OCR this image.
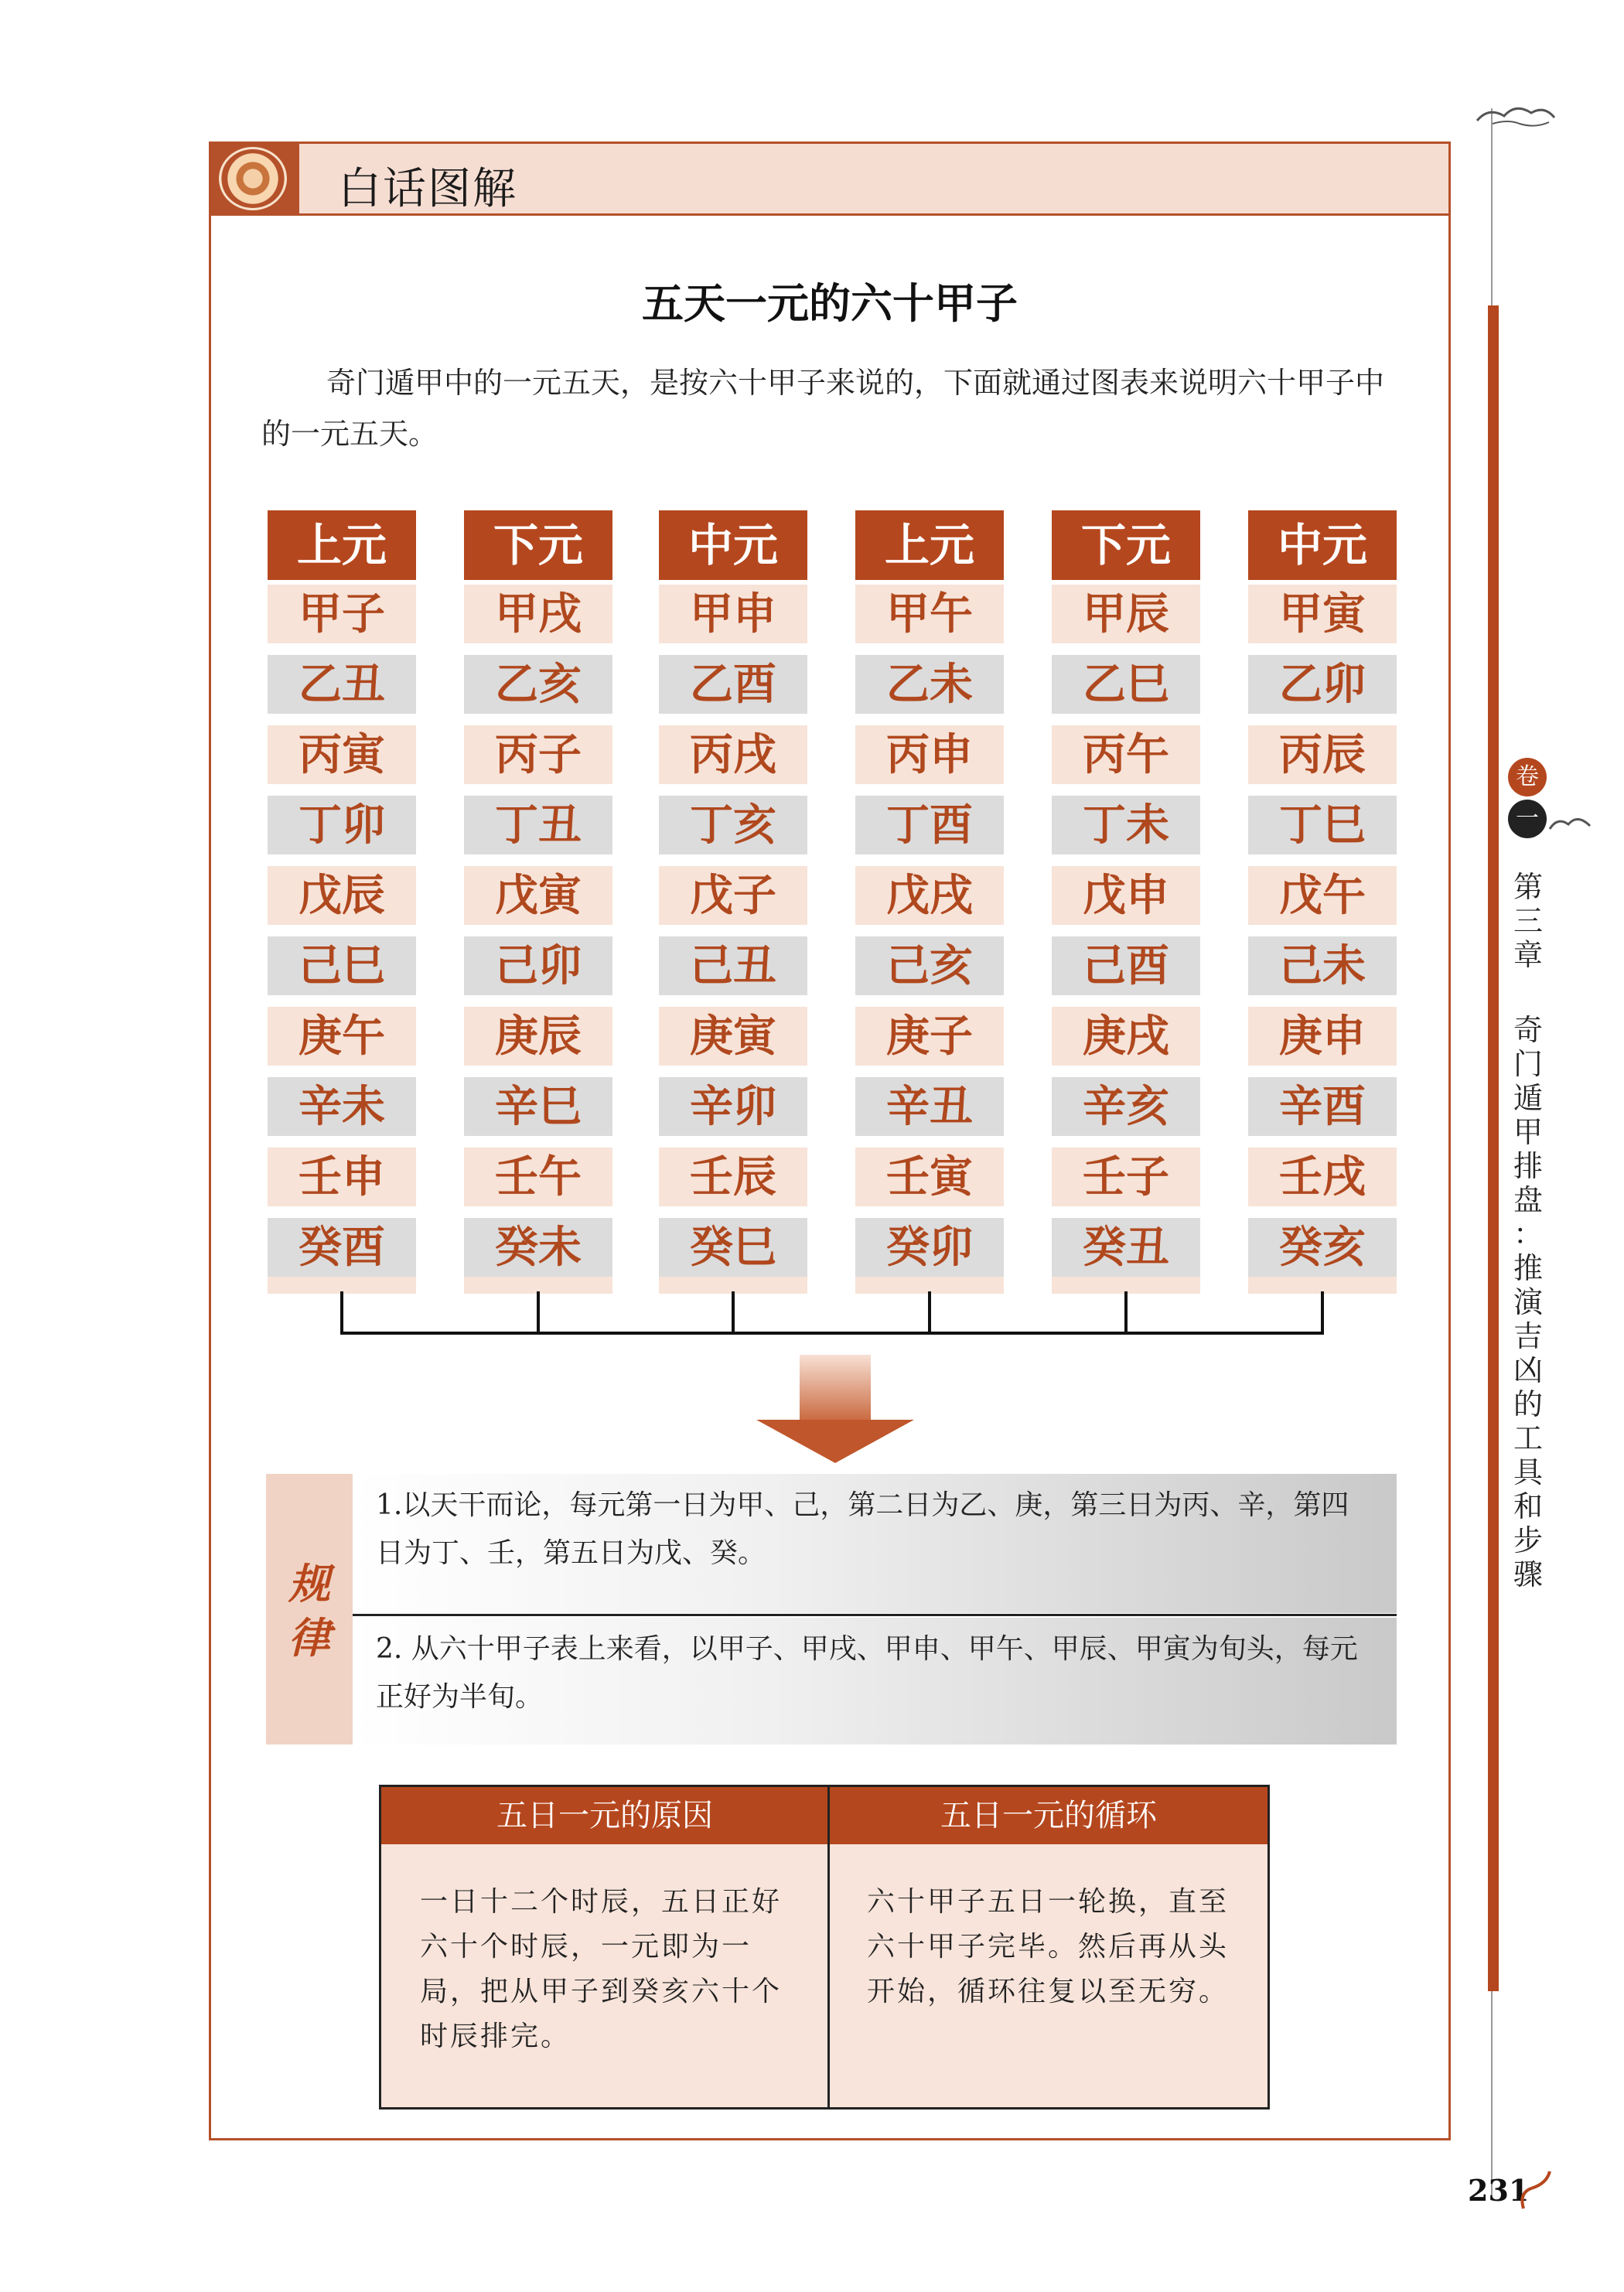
白话图解
五天一元的六十甲子
奇门遁甲中的一元五天，是按六十甲子来说的，下面就通过图表来说明六十甲子中的一元五天。
上元
甲子
乙丑
丙寅
丁卯
戊辰
己巳
庚午
辛未
壬申
癸酉
下元
甲戌
乙亥
丙子
丁丑
戊寅
己卯
庚辰
辛巳
壬午
癸未
中元
甲申
乙酉
丙戌
丁亥
戊子
己丑
庚寅
辛卯
壬辰
癸巳
上元
甲午
乙未
丙申
丁酉
戊戌
己亥
庚子
辛丑
壬寅
癸卯
下元
甲辰
乙巳
丙午
丁未
戊申
己酉
庚戌
辛亥
壬子
癸丑
中元
甲寅
乙卯
丙辰
丁巳
戊午
己未
庚申
辛酉
壬戌
癸亥
规
律
1.以天干而论，每元第一日为甲、己，第二日为乙、庚，第三日为丙、辛，第四日为丁、壬，第五日为戊、癸。
2. 从六十甲子表上来看，以甲子、甲戌、甲申、甲午、甲辰、甲寅为旬头，每元正好为半旬。
五日一元的原因	五日一元的循环
一日十二个时辰，五日正好六十个时辰，一元即为一局，把从甲子到癸亥六十个时辰排完。
六十甲子五日一轮换，直至六十甲子完毕。然后再从头开始，循环往复以至无穷。
卷
一
第
三
章
奇
门
遁
甲
排
盘
：
推
演
吉
凶
的
工
具
和
步
骤
231
